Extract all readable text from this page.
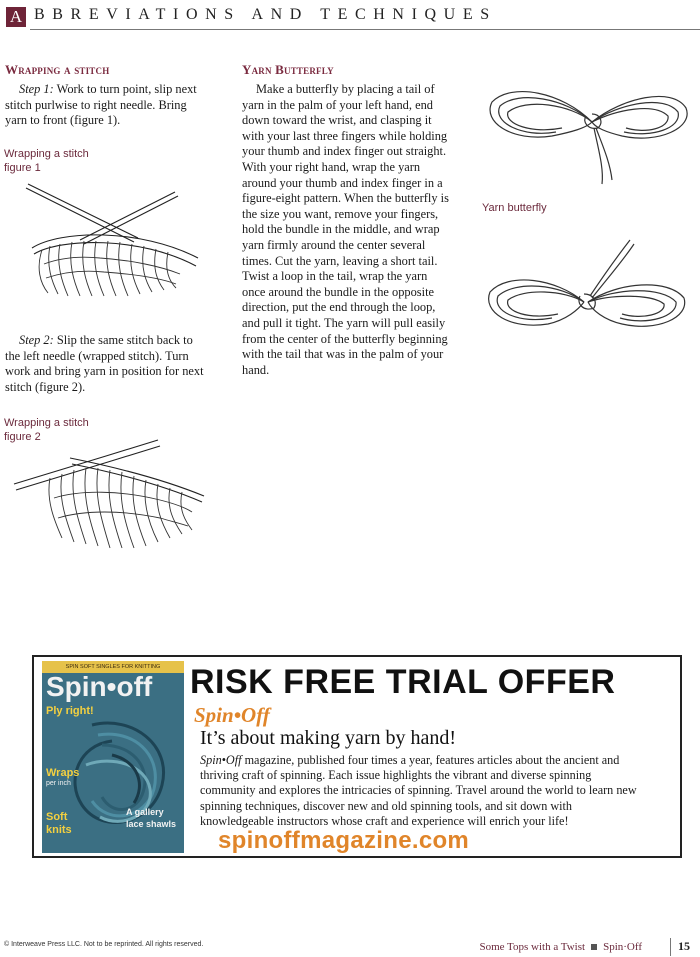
A BBREVIATIONS AND TECHNIQUES
Wrapping a stitch

Step 1: Work to turn point, slip next stitch purlwise to right needle. Bring yarn to front (figure 1).

Wrapping a stitch
figure 1

Step 2: Slip the same stitch back to the left needle (wrapped stitch). Turn work and bring yarn in position for next stitch (figure 2).

Wrapping a stitch
figure 2

Yarn Butterfly

Make a butterfly by placing a tail of yarn in the palm of your left hand, end down toward the wrist, and clasping it with your last three fingers while holding your thumb and index finger out straight. With your right hand, wrap the yarn around your thumb and index finger in a figure-eight pattern. When the butterfly is the size you want, remove your fingers, hold the bundle in the middle, and wrap yarn firmly around the center several times. Cut the yarn, leaving a short tail. Twist a loop in the tail, wrap the yarn once around the bundle in the opposite direction, put the end through the loop, and pull it tight. The yarn will pull easily from the center of the butterfly beginning with the tail that was in the palm of your hand.

Yarn butterfly

SPIN SOFT SINGLES FOR KNITTING
Spin•off
Ply right!
Wraps
per inch
Soft
knits
A gallery
lace shawls
RISK FREE TRIAL OFFER
Spin•Off
It’s about making yarn by hand!

Spin•Off magazine, published four times a year, features articles about the ancient and thriving craft of spinning. Each issue highlights the vibrant and diverse spinning community and explores the intricacies of spinning. Travel around the world to learn new spinning techniques, discover new and old spinning tools, and sit down with knowledgeable instructors whose craft and experience will enrich your life!

spinoffmagazine.com
© Interweave Press LLC. Not to be reprinted. All rights reserved.	Some Tops with a Twist Spin·Off	15
